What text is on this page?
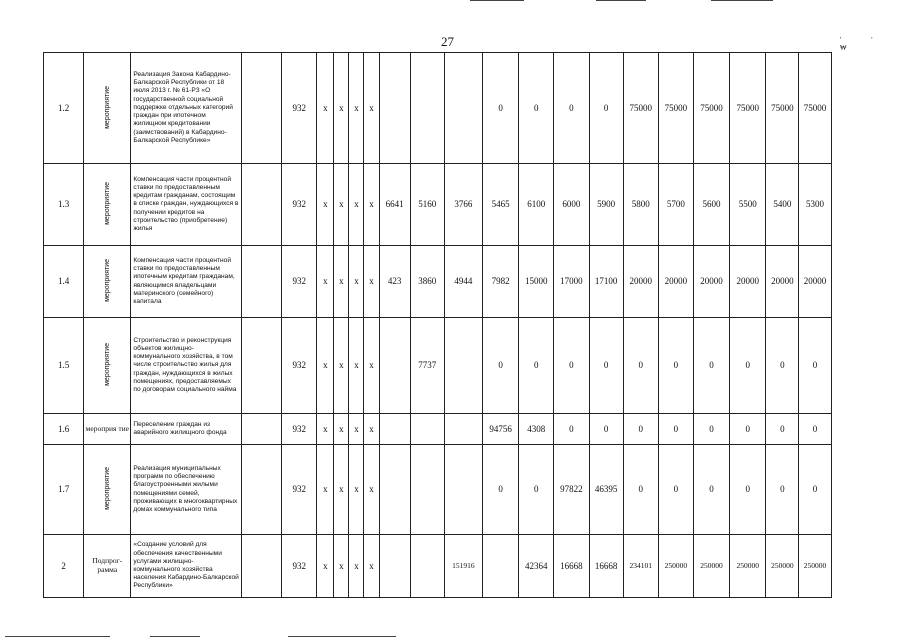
27	'' ₩
1.2	мероприятие	Реализация Закона Кабардино-Балкарской Республики от 18 июля 2013 г. № 61-РЗ «О государственной социальной поддержке отдельных категорий граждан при ипотечном жилищном кредитовании (заимствований) в Кабардино-Балкарской Республике»		932	x	x	x	x				0	0	0	0	75000	75000	75000	75000	75000	75000
1.3	мероприятие	Компенсация части процентной ставки по предоставленным кредитам гражданам, состоящим в списке граждан, нуждающихся в получении кредитов на строительство (приобретение) жилья		932	x	x	x	x	6641	5160	3766	5465	6100	6000	5900	5800	5700	5600	5500	5400	5300
1.4	мероприятие	Компенсация части процентной ставки по предоставленным ипотечным кредитам гражданам, являющимся владельцами материнского (семейного) капитала		932	x	x	x	x	423	3860	4944	7982	15000	17000	17100	20000	20000	20000	20000	20000	20000
1.5	мероприятие	Строительство и реконструкция объектов жилищно-коммунального хозяйства, в том числе строительство жилья для граждан, нуждающихся в жилых помещениях, предоставляемых по договорам социального найма		932	x	x	x	x		7737		0	0	0	0	0	0	0	0	0	0
1.6	мероприя тие	Переселение граждан из аварийного жилищного фонда		932	x	x	x	x				94756	4308	0	0	0	0	0	0	0	0
1.7	мероприятие	Реализация муниципальных программ по обеспечению благоустроенными жилыми помещениями семей, проживающих в многоквартирных домах коммунального типа		932	x	x	x	x				0	0	97822	46395	0	0	0	0	0	0
2	Подпрог- рамма	«Создание условий для обеспечения качественными услугами жилищно-коммунального хозяйства населения Кабардино-Балкарской Республики»		932	x	x	x	x			151916		42364	16668	16668	234101	250000	250000	250000	250000	250000
